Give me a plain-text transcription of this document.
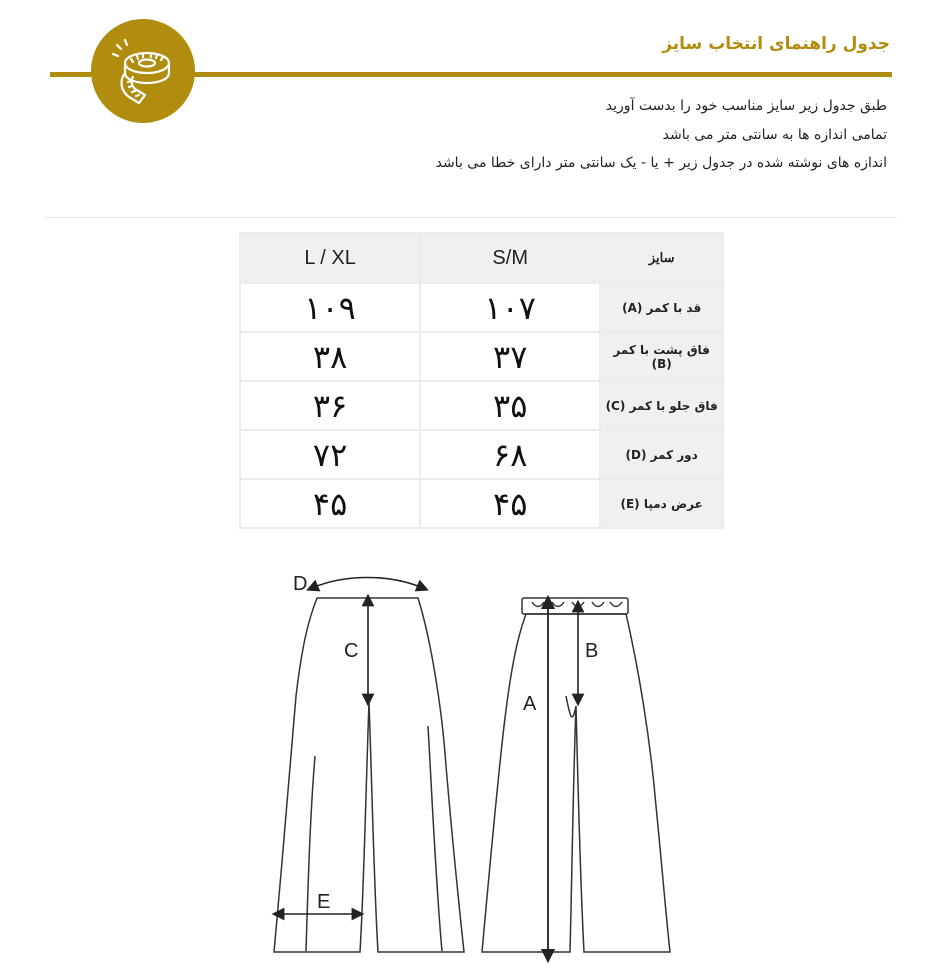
جدول راهنمای انتخاب سایز
طبق جدول زیر سایز مناسب خود را بدست آورید
تمامی اندازه ها به سانتی متر می باشد
اندازه های نوشته شده در جدول زیر + یا - یک سانتی متر دارای خطا می باشد
L / XL	S/M	سایز
۱۰۹	۱۰۷	قد با کمر (A)
۳۸	۳۷	فاق پشت با کمر (B)
۳۶	۳۵	فاق جلو با کمر (C)
۷۲	۶۸	دور کمر (D)
۴۵	۴۵	عرض دمپا (E)
D
C
E
A
B
